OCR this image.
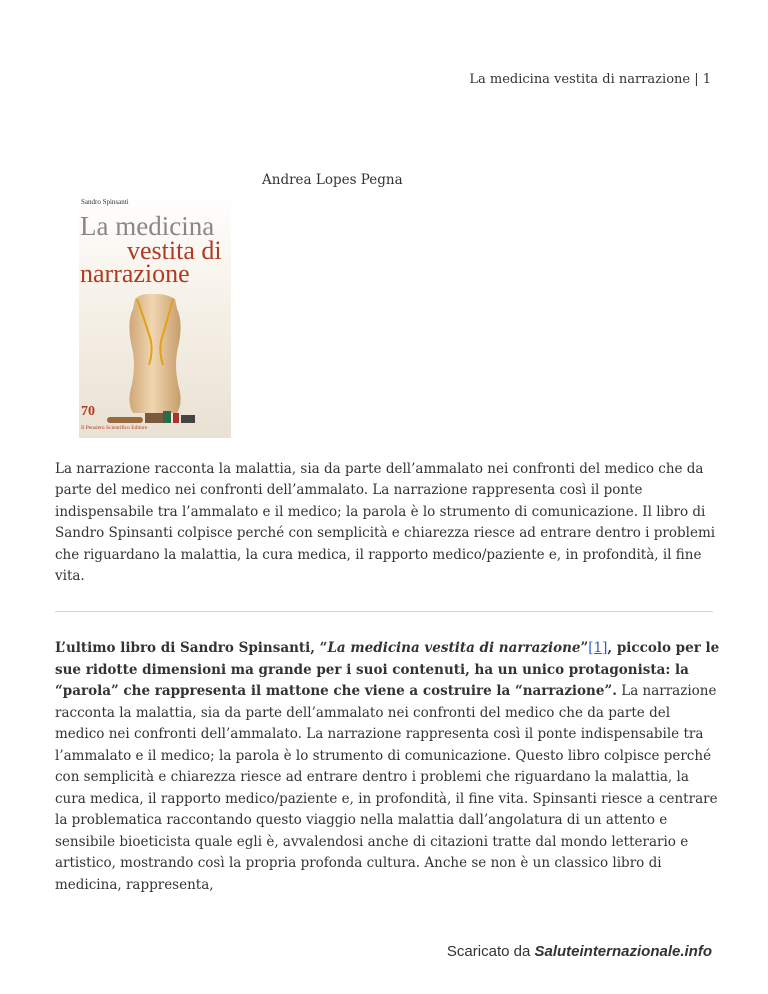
La medicina vestita di narrazione | 1
Andrea Lopes Pegna
Sandro Spinsanti
La medicina
vestita di
narrazione
70
Il Pensiero Scientifico Editore

La narrazione racconta la malattia, sia da parte dell’ammalato nei confronti del medico che da parte del medico nei confronti dell’ammalato. La narrazione rappresenta così il ponte indispensabile tra l’ammalato e il medico; la parola è lo strumento di comunicazione. Il libro di Sandro Spinsanti colpisce perché con semplicità e chiarezza riesce ad entrare dentro i problemi che riguardano la malattia, la cura medica, il rapporto medico/paziente e, in profondità, il fine vita.

L’ultimo libro di Sandro Spinsanti, “La medicina vestita di narrazione”[1], piccolo per le sue ridotte dimensioni ma grande per i suoi contenuti, ha un unico protagonista: la “parola” che rappresenta il mattone che viene a costruire la “narrazione”. La narrazione racconta la malattia, sia da parte dell’ammalato nei confronti del medico che da parte del medico nei confronti dell’ammalato. La narrazione rappresenta così il ponte indispensabile tra l’ammalato e il medico; la parola è lo strumento di comunicazione. Questo libro colpisce perché con semplicità e chiarezza riesce ad entrare dentro i problemi che riguardano la malattia, la cura medica, il rapporto medico/paziente e, in profondità, il fine vita. Spinsanti riesce a centrare la problematica raccontando questo viaggio nella malattia dall’angolatura di un attento e sensibile bioeticista quale egli è, avvalendosi anche di citazioni tratte dal mondo letterario e artistico, mostrando così la propria profonda cultura. Anche se non è un classico libro di medicina, rappresenta,

Scaricato da Saluteinternazionale.info
